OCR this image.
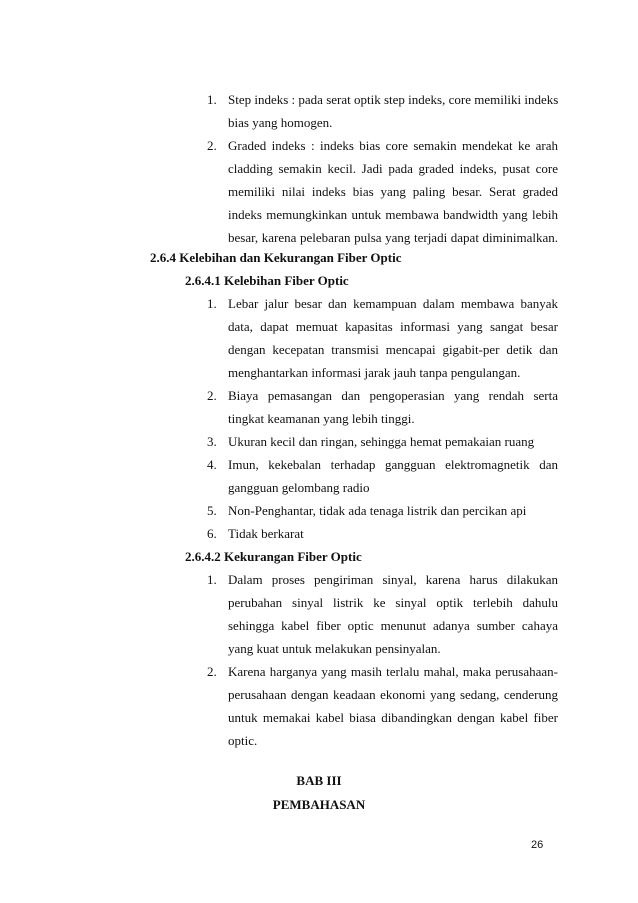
1. Step indeks : pada serat optik step indeks, core memiliki indeks
bias yang homogen.
2. Graded indeks : indeks bias core semakin mendekat ke arah
cladding semakin kecil. Jadi pada graded indeks, pusat core
memiliki nilai indeks bias yang paling besar. Serat graded
indeks memungkinkan untuk membawa bandwidth yang lebih
besar, karena pelebaran pulsa yang terjadi dapat diminimalkan.
2.6.4 Kelebihan dan Kekurangan Fiber Optic
2.6.4.1 Kelebihan Fiber Optic
1. Lebar jalur besar dan kemampuan dalam membawa banyak
data, dapat memuat kapasitas informasi yang sangat besar
dengan kecepatan transmisi mencapai gigabit-per detik dan
menghantarkan informasi jarak jauh tanpa pengulangan.
2. Biaya pemasangan dan pengoperasian yang rendah serta
tingkat keamanan yang lebih tinggi.
3. Ukuran kecil dan ringan, sehingga hemat pemakaian ruang
4. Imun, kekebalan terhadap gangguan elektromagnetik dan
gangguan gelombang radio
5. Non-Penghantar, tidak ada tenaga listrik dan percikan api
6. Tidak berkarat
2.6.4.2 Kekurangan Fiber Optic
1. Dalam proses pengiriman sinyal, karena harus dilakukan
perubahan sinyal listrik ke sinyal optik terlebih dahulu
sehingga kabel fiber optic menunut adanya sumber cahaya
yang kuat untuk melakukan pensinyalan.
2. Karena harganya yang masih terlalu mahal, maka perusahaan-
perusahaan dengan keadaan ekonomi yang sedang, cenderung
untuk memakai kabel biasa dibandingkan dengan kabel fiber
optic.
BAB III
PEMBAHASAN
26
